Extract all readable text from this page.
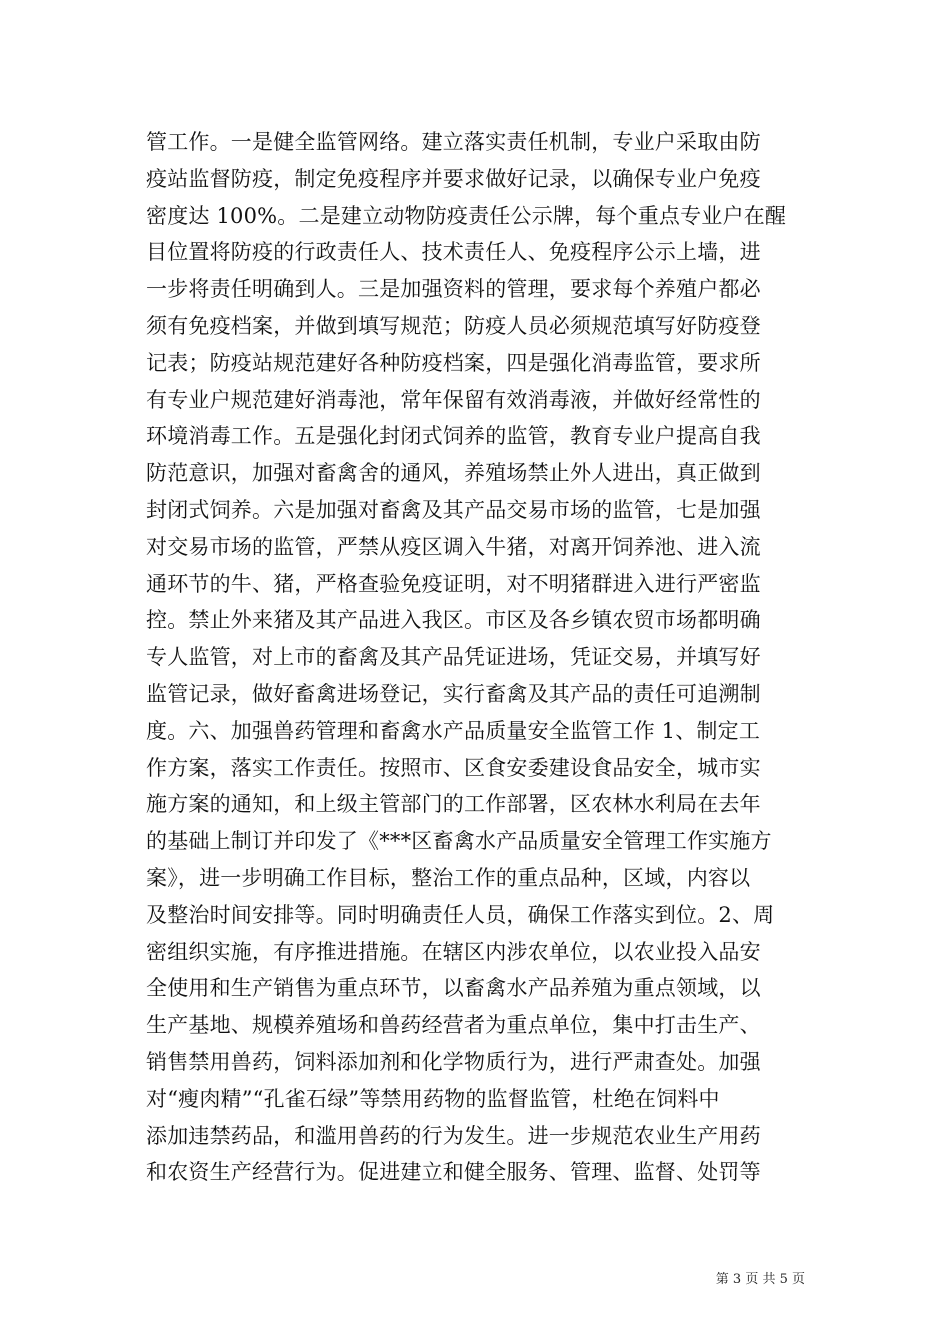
管工作。一是健全监管网络。建立落实责任机制，专业户采取由防
疫站监督防疫，制定免疫程序并要求做好记录，以确保专业户免疫
密度达 100%。二是建立动物防疫责任公示牌，每个重点专业户在醒
目位置将防疫的行政责任人、技术责任人、免疫程序公示上墙，进
一步将责任明确到人。三是加强资料的管理，要求每个养殖户都必
须有免疫档案，并做到填写规范；防疫人员必须规范填写好防疫登
记表；防疫站规范建好各种防疫档案，四是强化消毒监管，要求所
有专业户规范建好消毒池，常年保留有效消毒液，并做好经常性的
环境消毒工作。五是强化封闭式饲养的监管，教育专业户提高自我
防范意识，加强对畜禽舍的通风，养殖场禁止外人进出，真正做到
封闭式饲养。六是加强对畜禽及其产品交易市场的监管，七是加强
对交易市场的监管，严禁从疫区调入牛猪，对离开饲养池、进入流
通环节的牛、猪，严格查验免疫证明，对不明猪群进入进行严密监
控。禁止外来猪及其产品进入我区。市区及各乡镇农贸市场都明确
专人监管，对上市的畜禽及其产品凭证进场，凭证交易，并填写好
监管记录，做好畜禽进场登记，实行畜禽及其产品的责任可追溯制
度。六、加强兽药管理和畜禽水产品质量安全监管工作 1、制定工
作方案，落实工作责任。按照市、区食安委建设食品安全，城市实
施方案的通知，和上级主管部门的工作部署，区农林水利局在去年
的基础上制订并印发了《***区畜禽水产品质量安全管理工作实施方
案》，进一步明确工作目标，整治工作的重点品种，区域，内容以
及整治时间安排等。同时明确责任人员，确保工作落实到位。2、周
密组织实施，有序推进措施。在辖区内涉农单位，以农业投入品安
全使用和生产销售为重点环节，以畜禽水产品养殖为重点领域，以
生产基地、规模养殖场和兽药经营者为重点单位，集中打击生产、
销售禁用兽药，饲料添加剂和化学物质行为，进行严肃查处。加强
对“瘦肉精”“孔雀石绿”等禁用药物的监督监管，杜绝在饲料中
添加违禁药品，和滥用兽药的行为发生。进一步规范农业生产用药
和农资生产经营行为。促进建立和健全服务、管理、监督、处罚等
第 3 页 共 5 页
